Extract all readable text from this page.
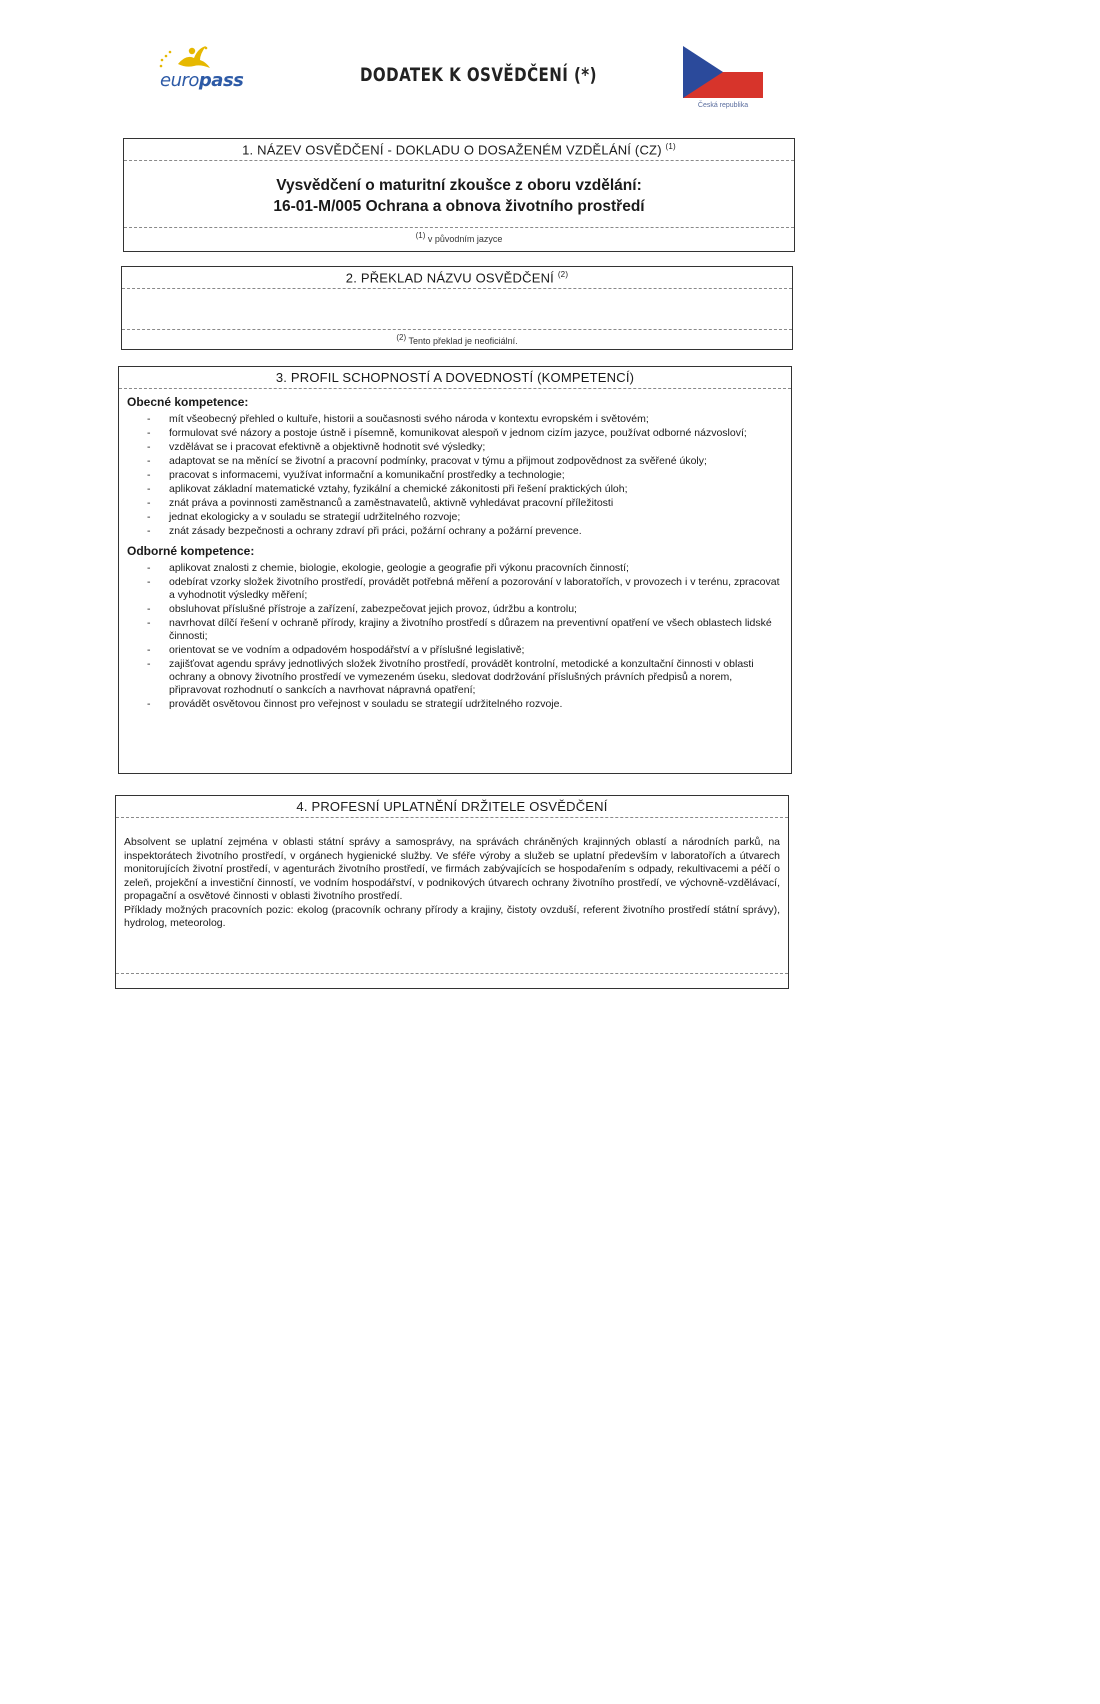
europass	DODATEK K OSVĚDČENÍ (*)
Česká republika
1. NÁZEV OSVĚDČENÍ - DOKLADU O DOSAŽENÉM VZDĚLÁNÍ (CZ) $^{(1)}$
Vysvědčení o maturitní zkoušce z oboru vzdělání:
16-01-M/005 Ochrana a obnova životního prostředí
(1) v původním jazyce
2. PŘEKLAD NÁZVU OSVĚDČENÍ $^{(2)}$
(2) Tento překlad je neoficiální.
3. PROFIL SCHOPNOSTÍ A DOVEDNOSTÍ (KOMPETENCÍ)
Obecné kompetence:
- mít všeobecný přehled o kultuře, historii a současnosti svého národa v kontextu evropském i světovém;
- formulovat své názory a postoje ústně i písemně, komunikovat alespoň v jednom cizím jazyce, používat odborné názvosloví;
- vzdělávat se i pracovat efektivně a objektivně hodnotit své výsledky;
- adaptovat se na měnící se životní a pracovní podmínky, pracovat v týmu a přijmout zodpovědnost za svěřené úkoly;
- pracovat s informacemi, využívat informační a komunikační prostředky a technologie;
- aplikovat základní matematické vztahy, fyzikální a chemické zákonitosti při řešení praktických úloh;
- znát práva a povinnosti zaměstnanců a zaměstnavatelů, aktivně vyhledávat pracovní příležitosti
- jednat ekologicky a v souladu se strategií udržitelného rozvoje;
- znát zásady bezpečnosti a ochrany zdraví při práci, požární ochrany a požární prevence.
Odborné kompetence:
- aplikovat znalosti z chemie, biologie, ekologie, geologie a geografie při výkonu pracovních činností;
- odebírat vzorky složek životního prostředí, provádět potřebná měření a pozorování v laboratořích, v provozech i v terénu, zpracovat a vyhodnotit výsledky měření;
- obsluhovat příslušné přístroje a zařízení, zabezpečovat jejich provoz, údržbu a kontrolu;
- navrhovat dílčí řešení v ochraně přírody, krajiny a životního prostředí s důrazem na preventivní opatření ve všech oblastech lidské činnosti;
- orientovat se ve vodním a odpadovém hospodářství a v příslušné legislativě;
- zajišťovat agendu správy jednotlivých složek životního prostředí, provádět kontrolní, metodické a konzultační činnosti v oblasti ochrany a obnovy životního prostředí ve vymezeném úseku, sledovat dodržování příslušných právních předpisů a norem, připravovat rozhodnutí o sankcích a navrhovat nápravná opatření;
- provádět osvětovou činnost pro veřejnost v souladu se strategií udržitelného rozvoje.
4. PROFESNÍ UPLATNĚNÍ DRŽITELE OSVĚDČENÍ

Absolvent se uplatní zejména v oblasti státní správy a samosprávy, na správách chráněných krajinných oblastí a národních parků, na inspektorátech životního prostředí, v orgánech hygienické služby. Ve sféře výroby a služeb se uplatní především v laboratořích a útvarech monitorujících životní prostředí, v agenturách životního prostředí, ve firmách zabývajících se hospodařením s odpady, rekultivacemi a péčí o zeleň, projekční a investiční činností, ve vodním hospodářství, v podnikových útvarech ochrany životního prostředí, ve výchovně-vzdělávací, propagační a osvětové činnosti v oblasti životního prostředí.

Příklady možných pracovních pozic: ekolog (pracovník ochrany přírody a krajiny, čistoty ovzduší, referent životního prostředí státní správy), hydrolog, meteorolog.
